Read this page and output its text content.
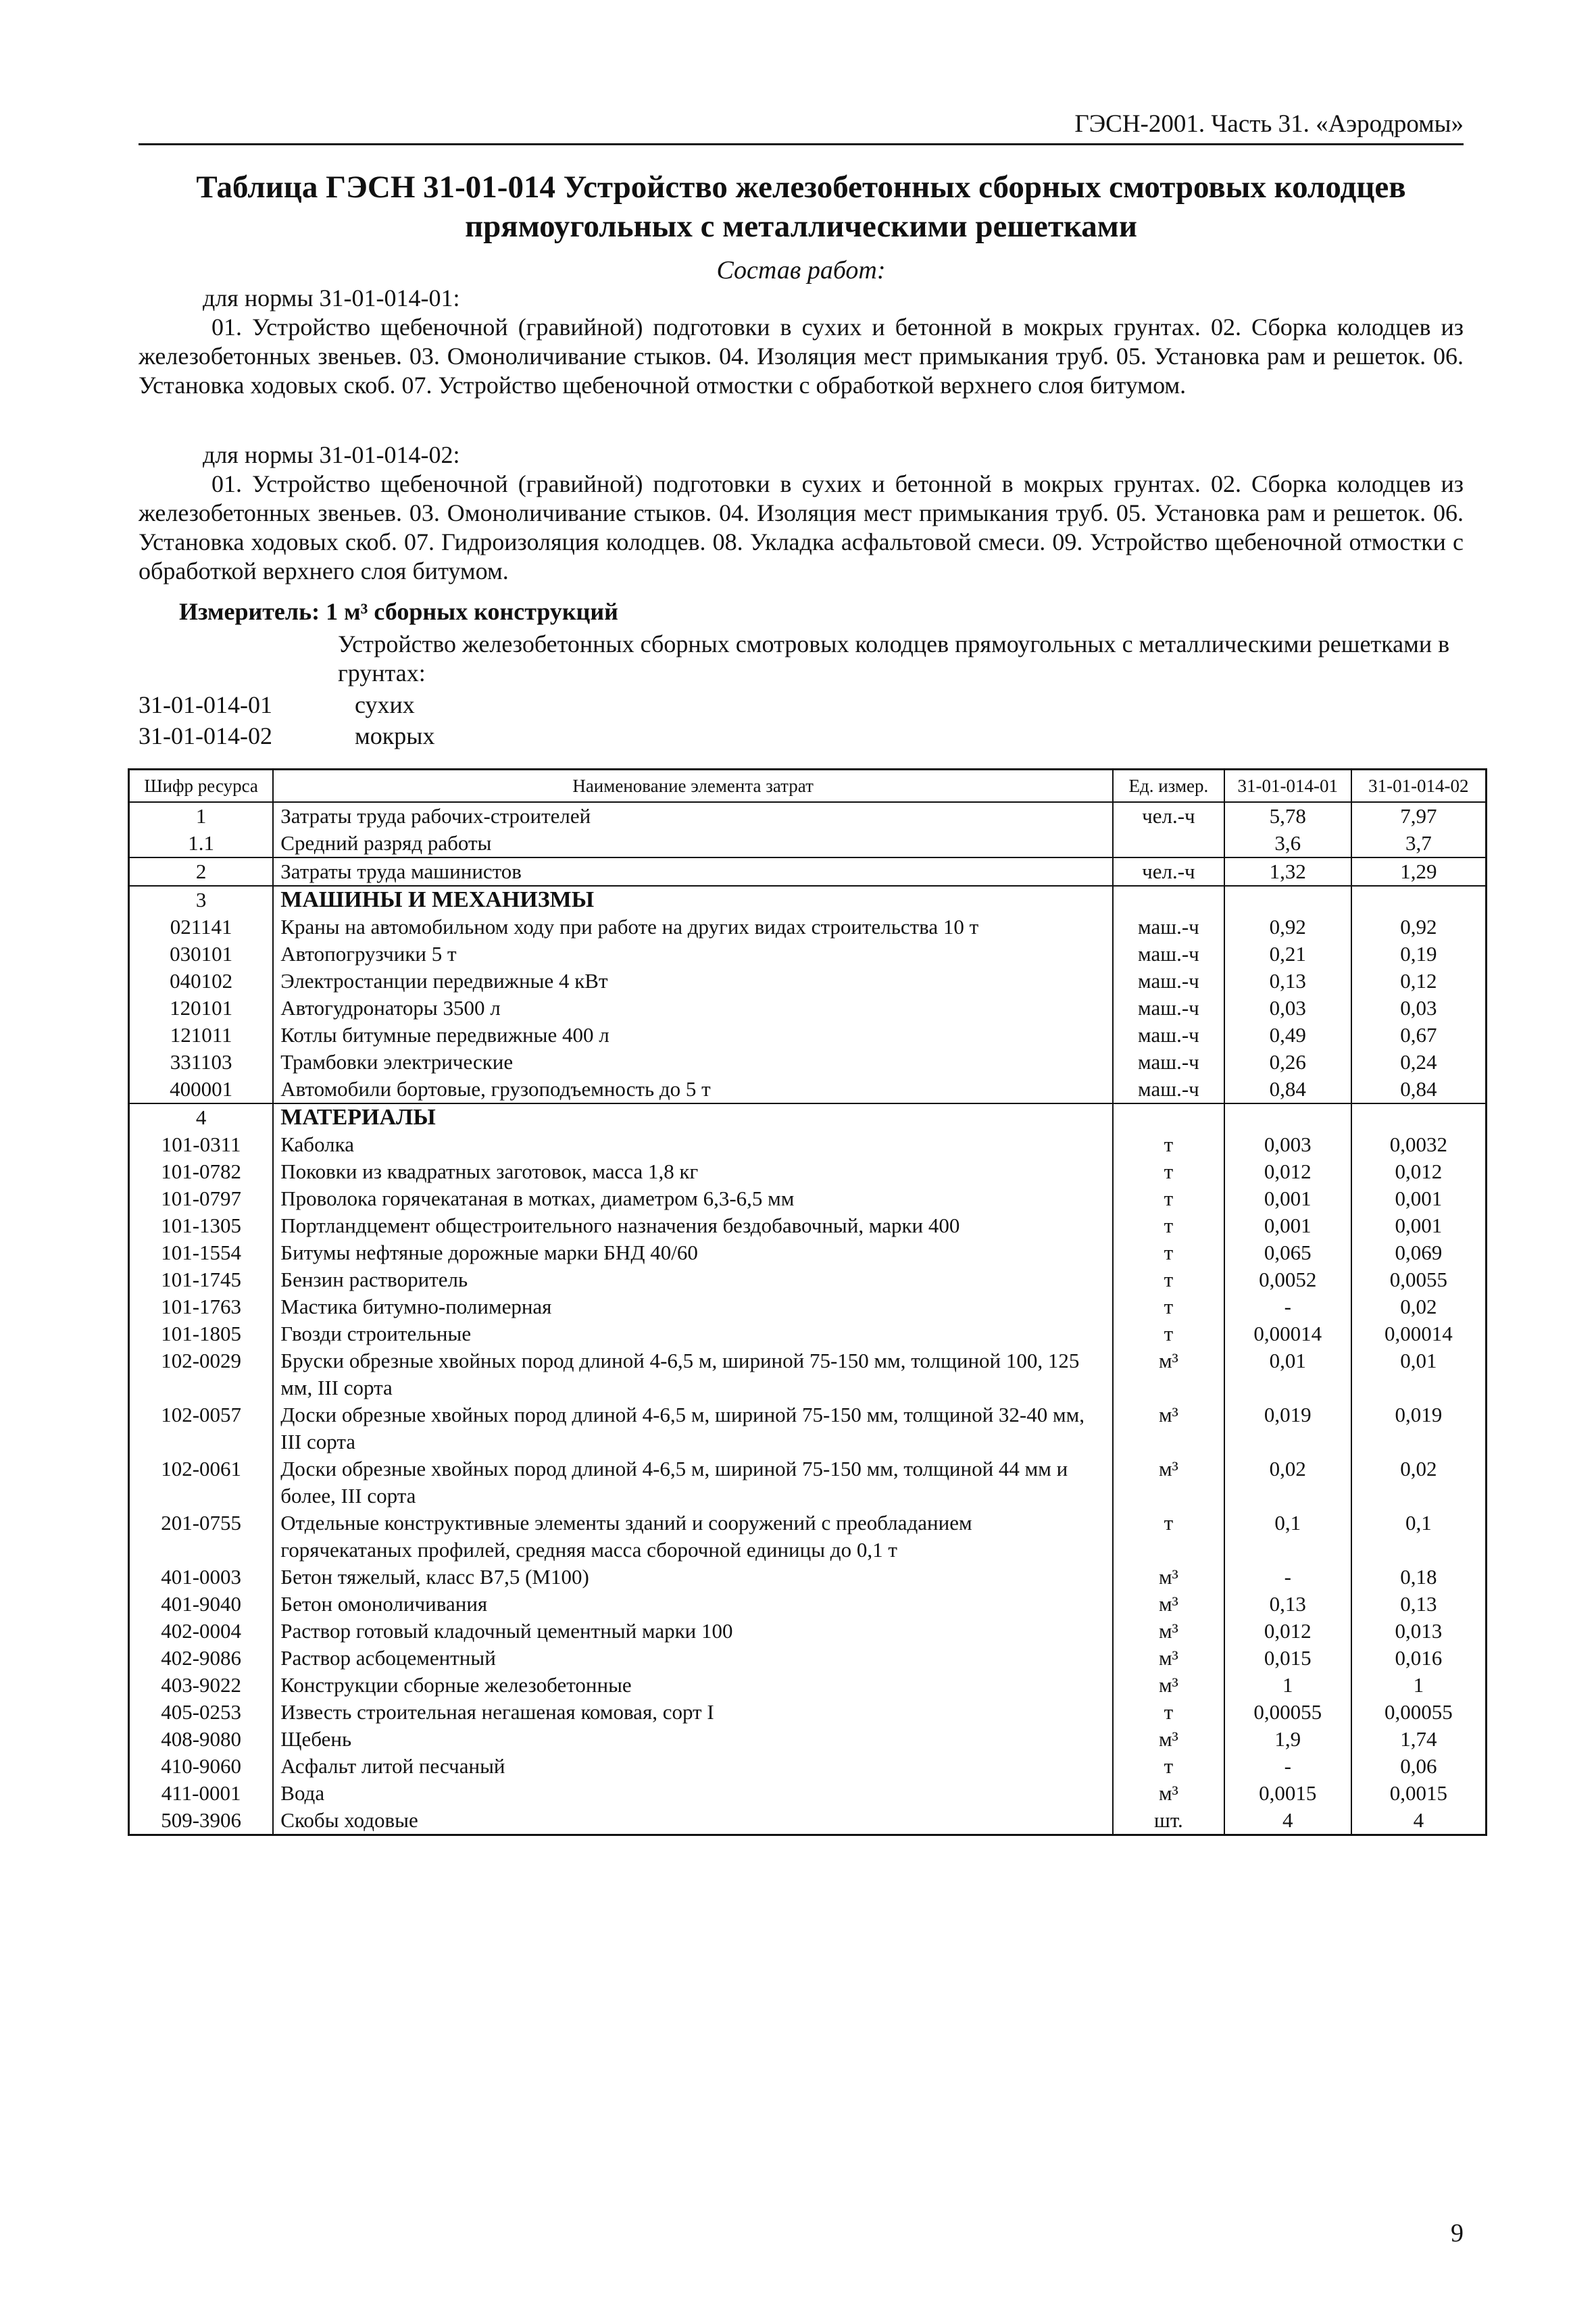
ГЭСН-2001. Часть 31. «Аэродромы»
Таблица ГЭСН 31-01-014 Устройство железобетонных сборных смотровых колодцев
прямоугольных с металлическими решетками
Состав работ:
для нормы 31-01-014-01:
01. Устройство щебеночной (гравийной) подготовки в сухих и бетонной в мокрых грунтах. 02. Сборка колодцев из железобетонных звеньев. 03. Омоноличивание стыков. 04. Изоляция мест примыкания труб. 05. Установка рам и решеток. 06. Установка ходовых скоб. 07. Устройство щебеночной отмостки с обработкой верхнего слоя битумом.
для нормы 31-01-014-02:
01. Устройство щебеночной (гравийной) подготовки в сухих и бетонной в мокрых грунтах. 02. Сборка колодцев из железобетонных звеньев. 03. Омоноличивание стыков. 04. Изоляция мест примыкания труб. 05. Установка рам и решеток. 06. Установка ходовых скоб. 07. Гидроизоляция колодцев. 08. Укладка асфальтовой смеси. 09. Устройство щебеночной отмостки с обработкой верхнего слоя битумом.
Измеритель: 1 м³ сборных конструкций
Устройство железобетонных сборных смотровых колодцев прямоугольных с металлическими решетками в грунтах:
31-01-014-01	сухих
31-01-014-02	мокрых
Шифр ресурса	Наименование элемента затрат	Ед. измер.	31-01-014-01	31-01-014-02
1	Затраты труда рабочих-строителей	чел.-ч	5,78	7,97
1.1	Средний разряд работы		3,6	3,7
2	Затраты труда машинистов	чел.-ч	1,32	1,29
3	МАШИНЫ И МЕХАНИЗМЫ			
021141	Краны на автомобильном ходу при работе на других видах строительства 10 т	маш.-ч	0,92	0,92
030101	Автопогрузчики 5 т	маш.-ч	0,21	0,19
040102	Электростанции передвижные 4 кВт	маш.-ч	0,13	0,12
120101	Автогудронаторы 3500 л	маш.-ч	0,03	0,03
121011	Котлы битумные передвижные 400 л	маш.-ч	0,49	0,67
331103	Трамбовки электрические	маш.-ч	0,26	0,24
400001	Автомобили бортовые, грузоподъемность до 5 т	маш.-ч	0,84	0,84
4	МАТЕРИАЛЫ			
101-0311	Каболка	т	0,003	0,0032
101-0782	Поковки из квадратных заготовок, масса 1,8 кг	т	0,012	0,012
101-0797	Проволока горячекатаная в мотках, диаметром 6,3-6,5 мм	т	0,001	0,001
101-1305	Портландцемент общестроительного назначения бездобавочный, марки 400	т	0,001	0,001
101-1554	Битумы нефтяные дорожные марки БНД 40/60	т	0,065	0,069
101-1745	Бензин растворитель	т	0,0052	0,0055
101-1763	Мастика битумно-полимерная	т	-	0,02
101-1805	Гвозди строительные	т	0,00014	0,00014
102-0029	Бруски обрезные хвойных пород длиной 4-6,5 м, шириной 75-150 мм, толщиной 100, 125 мм, III сорта	м³	0,01	0,01
102-0057	Доски обрезные хвойных пород длиной 4-6,5 м, шириной 75-150 мм, толщиной 32-40 мм, III сорта	м³	0,019	0,019
102-0061	Доски обрезные хвойных пород длиной 4-6,5 м, шириной 75-150 мм, толщиной 44 мм и более, III сорта	м³	0,02	0,02
201-0755	Отдельные конструктивные элементы зданий и сооружений с преобладанием горячекатаных профилей, средняя масса сборочной единицы до 0,1 т	т	0,1	0,1
401-0003	Бетон тяжелый, класс В7,5 (М100)	м³	-	0,18
401-9040	Бетон омоноличивания	м³	0,13	0,13
402-0004	Раствор готовый кладочный цементный марки 100	м³	0,012	0,013
402-9086	Раствор асбоцементный	м³	0,015	0,016
403-9022	Конструкции сборные железобетонные	м³	1	1
405-0253	Известь строительная негашеная комовая, сорт I	т	0,00055	0,00055
408-9080	Щебень	м³	1,9	1,74
410-9060	Асфальт литой песчаный	т	-	0,06
411-0001	Вода	м³	0,0015	0,0015
509-3906	Скобы ходовые	шт.	4	4
9
